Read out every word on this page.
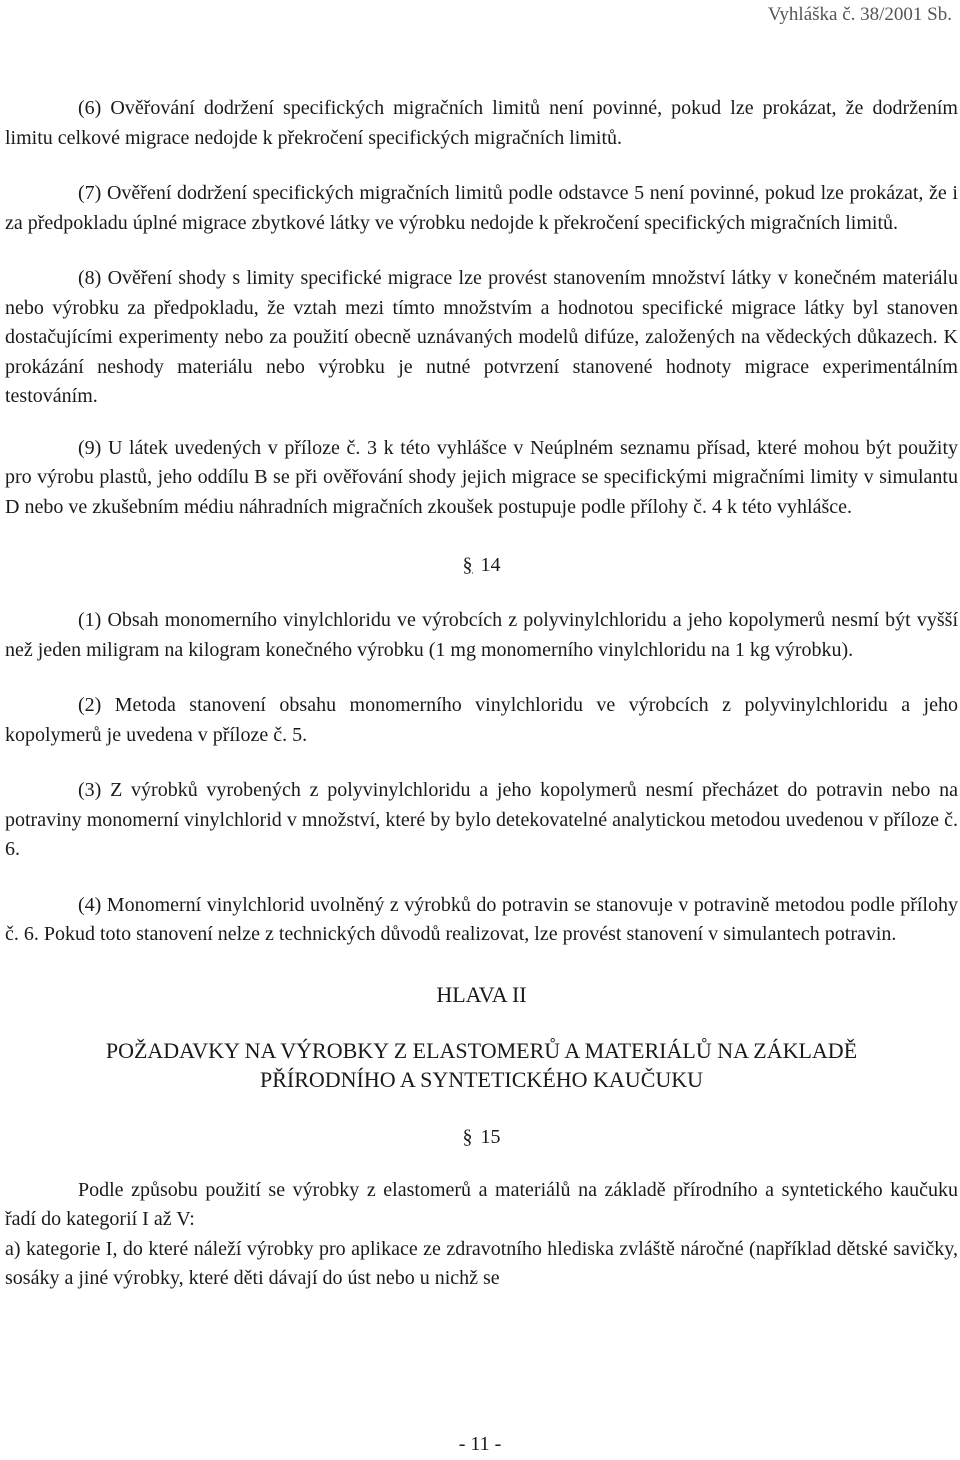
Vyhláška č. 38/2001 Sb.

(6) Ověřování dodržení specifických migračních limitů není povinné, pokud lze prokázat, že dodržením limitu celkové migrace nedojde k překročení specifických migračních limitů.

(7) Ověření dodržení specifických migračních limitů podle odstavce 5 není povinné, pokud lze prokázat, že i za předpokladu úplné migrace zbytkové látky ve výrobku nedojde k překročení specifických migračních limitů.

(8) Ověření shody s limity specifické migrace lze provést stanovením množství látky v konečném materiálu nebo výrobku za předpokladu, že vztah mezi tímto množstvím a hodnotou specifické migrace látky byl stanoven dostačujícími experimenty nebo za použití obecně uznávaných modelů difúze, založených na vědeckých důkazech. K prokázání neshody materiálu nebo výrobku je nutné potvrzení stanovené hodnoty migrace experimentálním testováním.

(9) U látek uvedených v příloze č. 3 k této vyhlášce v Neúplném seznamu přísad, které mohou být použity pro výrobu plastů, jeho oddílu B se při ověřování shody jejich migrace se specifickými migračními limity v simulantu D nebo ve zkušebním médiu náhradních migračních zkoušek postupuje podle přílohy č. 4 k této vyhlášce.

§ 14

(1) Obsah monomerního vinylchloridu ve výrobcích z polyvinylchloridu a jeho kopolymerů nesmí být vyšší než jeden miligram na kilogram konečného výrobku (1 mg monomerního vinylchloridu na 1 kg výrobku).

(2) Metoda stanovení obsahu monomerního vinylchloridu ve výrobcích z polyvinylchloridu a jeho kopolymerů je uvedena v příloze č. 5.

(3) Z výrobků vyrobených z polyvinylchloridu a jeho kopolymerů nesmí přecházet do potravin nebo na potraviny monomerní vinylchlorid v množství, které by bylo detekovatelné analytickou metodou uvedenou v příloze č. 6.

(4) Monomerní vinylchlorid uvolněný z výrobků do potravin se stanovuje v potravině metodou podle přílohy č. 6. Pokud toto stanovení nelze z technických důvodů realizovat, lze provést stanovení v simulantech potravin.

HLAVA II
POŽADAVKY NA VÝROBKY Z ELASTOMERŮ A MATERIÁLŮ NA ZÁKLADĚ
PŘÍRODNÍHO A SYNTETICKÉHO KAUČUKU
§ 15

Podle způsobu použití se výrobky z elastomerů a materiálů na základě přírodního a syntetického kaučuku řadí do kategorií I až V:

a) kategorie I, do které náleží výrobky pro aplikace ze zdravotního hlediska zvláště náročné (například dětské savičky, sosáky a jiné výrobky, které děti dávají do úst nebo u nichž se

- 11 -
